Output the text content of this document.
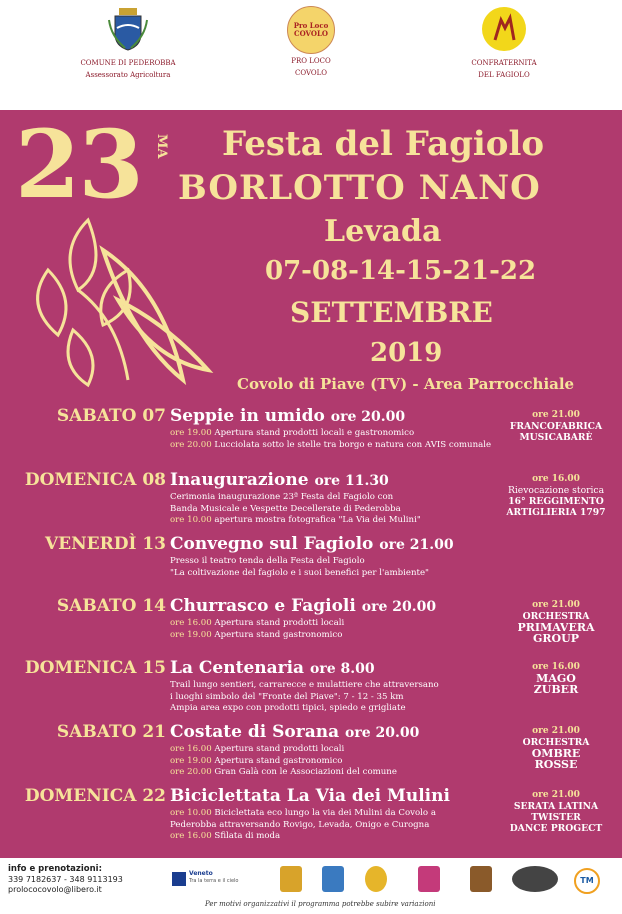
COMUNE DI PEDEROBBA
Assessorato Agricoltura
Pro Loco
COVOLO
PRO LOCO
COVOLO
CONFRATERNITA
DEL FAGIOLO
23 MA Festa del Fagiolo
BORLOTTO NANO
Levada
07-08-14-15-21-22
SETTEMBRE
2019
Covolo di Piave (TV) - Area Parrocchiale
SABATO 07 Seppie in umido ore 20.00
ore 19.00 Apertura stand prodotti locali e gastronomico
ore 20.00 Lucciolata sotto le stelle tra borgo e natura con AVIS comunale
ore 21.00
FRANCOFABRICA
MUSICABARÈ
DOMENICA 08 Inaugurazione ore 11.30
Cerimonia inaugurazione 23ª Festa del Fagiolo con
Banda Musicale e Vespette Decellerate di Pederobba
ore 10.00 apertura mostra fotografica "La Via dei Mulini"
ore 16.00
Rievocazione storica
16° REGGIMENTO
ARTIGLIERIA 1797
VENERDÌ 13 Convegno sul Fagiolo ore 21.00
Presso il teatro tenda della Festa del Fagiolo
"La coltivazione del fagiolo e i suoi benefici per l'ambiente"
SABATO 14 Churrasco e Fagioli ore 20.00
ore 16.00 Apertura stand prodotti locali
ore 19.00 Apertura stand gastronomico
ore 21.00
ORCHESTRA
PRIMAVERA
GROUP
DOMENICA 15 La Centenaria ore 8.00
Trail lungo sentieri, carrarecce e mulattiere che attraversano
i luoghi simbolo del "Fronte del Piave": 7 - 12 - 35 km
Ampia area expo con prodotti tipici, spiedo e grigliate
ore 16.00
MAGO
ZUBER
SABATO 21 Costate di Sorana ore 20.00
ore 16.00 Apertura stand prodotti locali
ore 19.00 Apertura stand gastronomico
ore 20.00 Gran Galà con le Associazioni del comune
ore 21.00
ORCHESTRA
OMBRE
ROSSE
DOMENICA 22 Biciclettata La Via dei Mulini
ore 10.00 Biciclettata eco lungo la via dei Mulini da Covolo a
Pederobba attraversando Rovigo, Levada, Onigo e Curogna
ore 16.00 Sfilata di moda
ore 21.00
SERATA LATINA
TWISTER
DANCE PROGECT
info e prenotazioni:
339 7182637 - 348 9113193
prolococovolo@libero.it
Veneto
Tra la terra e il cielo	TM
Per motivi organizzativi il programma potrebbe subire variazioni
